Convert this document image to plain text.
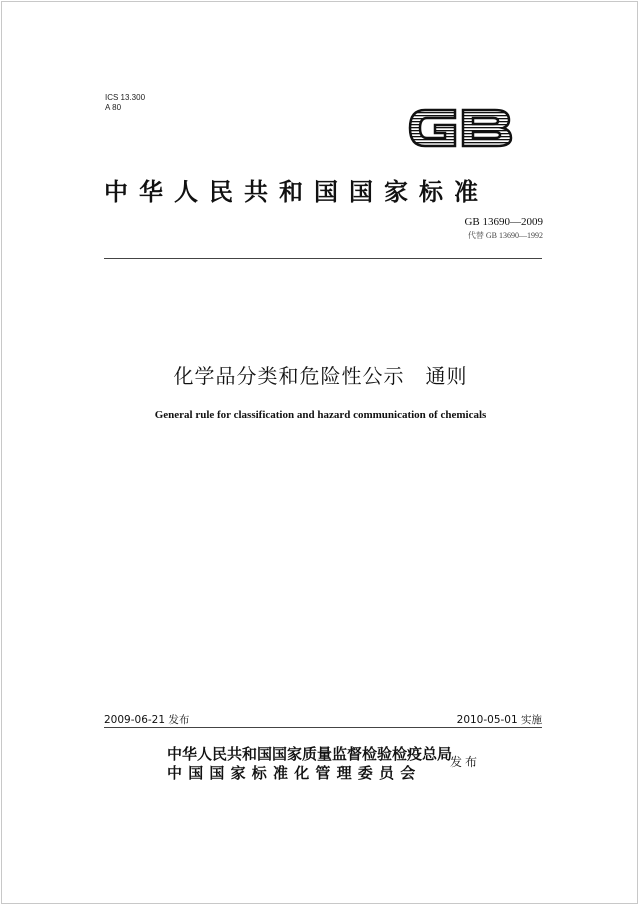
ICS 13.300
A 80
中华人民共和国国家标准
GB 13690—2009
代替 GB 13690—1992
化学品分类和危险性公示　通则
General rule for classification and hazard communication of chemicals
2009-06-21 发布	2010-05-01 实施
中华人民共和国国家质量监督检验检疫总局
中国国家标准化管理委员会
发布
